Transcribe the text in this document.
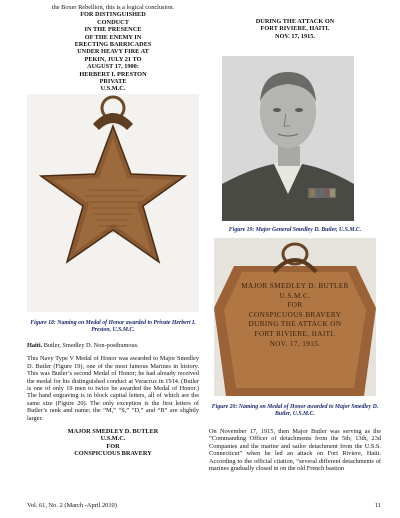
the Boxer Rebellion, this is a logical conclusion.

FOR DISTINGUISHED
CONDUCT
IN THE PRESENCE
OF THE ENEMY IN
ERECTING BARRICADES
UNDER HEAVY FIRE AT
PEKIN, JULY 21 TO
AUGUST 17, 1900:
HERBERT I. PRESTON
PRIVATE
U.S.M.C.

Figure 18: Naming on Medal of Honor awarded to Private Herbert I. Preston, U.S.M.C.

Haiti. Butler, Smedley D. Non-posthumous.

This Navy Type V Medal of Honor was awarded to Major Smedley D. Butler (Figure 19), one of the most famous Marines in history. This was Butler’s second Medal of Honor; he had already received the medal for his distinguished conduct at Veracruz in 1914. (Butler is one of only 19 men to twice be awarded the Medal of Honor.) The hand engraving is in block capital letters, all of which are the same size (Figure 20). The only exception is the first letters of Butler’s rank and name; the “M,” “S,” “D,” and “B” are slightly larger.

MAJOR SMEDLEY D. BUTLER
U.S.M.C.
FOR
CONSPICUOUS BRAVERY
DURING THE ATTACK ON
FORT RIVIERE, HAITI.
NOV. 17, 1915.

Figure 19: Major General Smedley D. Butler, U.S.M.C.

MAJOR SMEDLEY D. BUTLER
U.S.M.C.
FOR
CONSPICUOUS BRAVERY
DURING THE ATTACK ON
FORT RIVIERE, HAITI.
NOV. 17, 1915.

Figure 20: Naming on Medal of Honor awarded to Major Smedley D. Butler, U.S.M.C.

On November 17, 1915, then Major Butler was serving as the “Commanding Officer of detachments from the 5th, 13th, 23d Companies and the marine and sailor detachment from the U.S.S. Connecticut” when he led an attack on Fort Riviere, Haiti. According to the official citation, “several different detachments of marines gradually closed in on the old French bastion

Vol. 61, No. 2 (March -April 2010)	11
